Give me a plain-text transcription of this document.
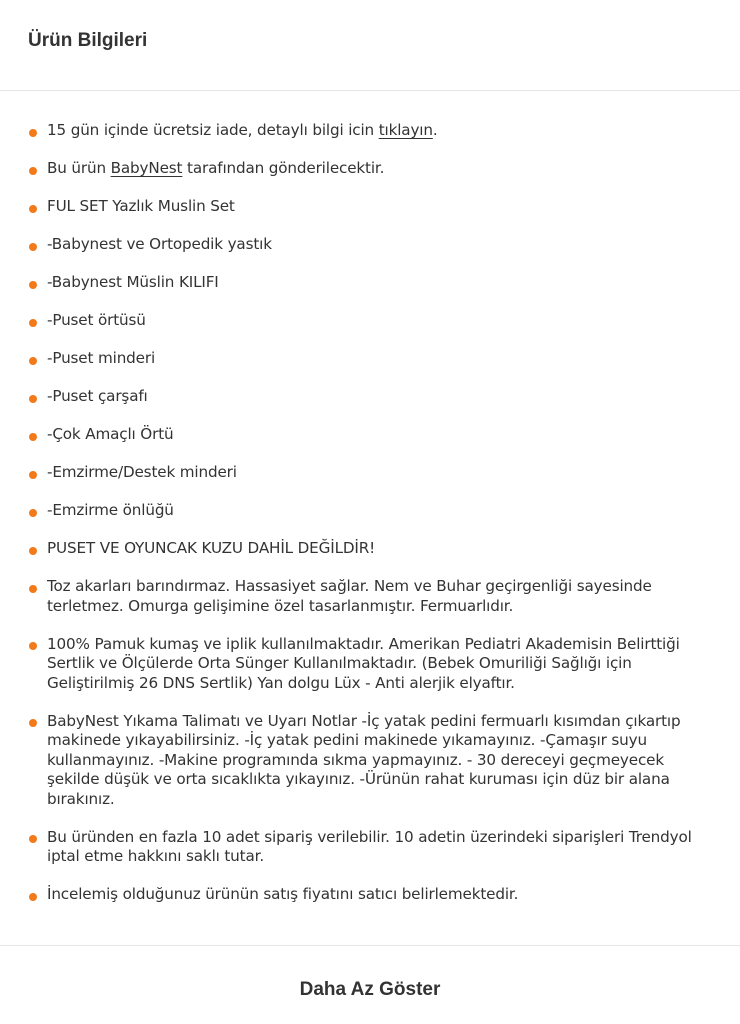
Ürün Bilgileri
15 gün içinde ücretsiz iade, detaylı bilgi icin tıklayın.
Bu ürün BabyNest tarafından gönderilecektir.
FUL SET Yazlık Muslin Set
-Babynest ve Ortopedik yastık
-Babynest Müslin KILIFI
-Puset örtüsü
-Puset minderi
-Puset çarşafı
-Çok Amaçlı Örtü
-Emzirme/Destek minderi
-Emzirme önlüğü
PUSET VE OYUNCAK KUZU DAHİL DEĞİLDİR!
Toz akarları barındırmaz. Hassasiyet sağlar. Nem ve Buhar geçirgenliği sayesinde terletmez. Omurga gelişimine özel tasarlanmıştır. Fermuarlıdır.
100% Pamuk kumaş ve iplik kullanılmaktadır. Amerikan Pediatri Akademisin Belirttiği Sertlik ve Ölçülerde Orta Sünger Kullanılmaktadır. (Bebek Omuriliği Sağlığı için Geliştirilmiş 26 DNS Sertlik) Yan dolgu Lüx - Anti alerjik elyaftır.
BabyNest Yıkama Talimatı ve Uyarı Notlar -İç yatak pedini fermuarlı kısımdan çıkartıp makinede yıkayabilirsiniz. -İç yatak pedini makinede yıkamayınız. -Çamaşır suyu kullanmayınız. -Makine programında sıkma yapmayınız. - 30 dereceyi geçmeyecek şekilde düşük ve orta sıcaklıkta yıkayınız. -Ürünün rahat kuruması için düz bir alana bırakınız.
Bu üründen en fazla 10 adet sipariş verilebilir. 10 adetin üzerindeki siparişleri Trendyol iptal etme hakkını saklı tutar.
İncelemiş olduğunuz ürünün satış fiyatını satıcı belirlemektedir.
Daha Az Göster
